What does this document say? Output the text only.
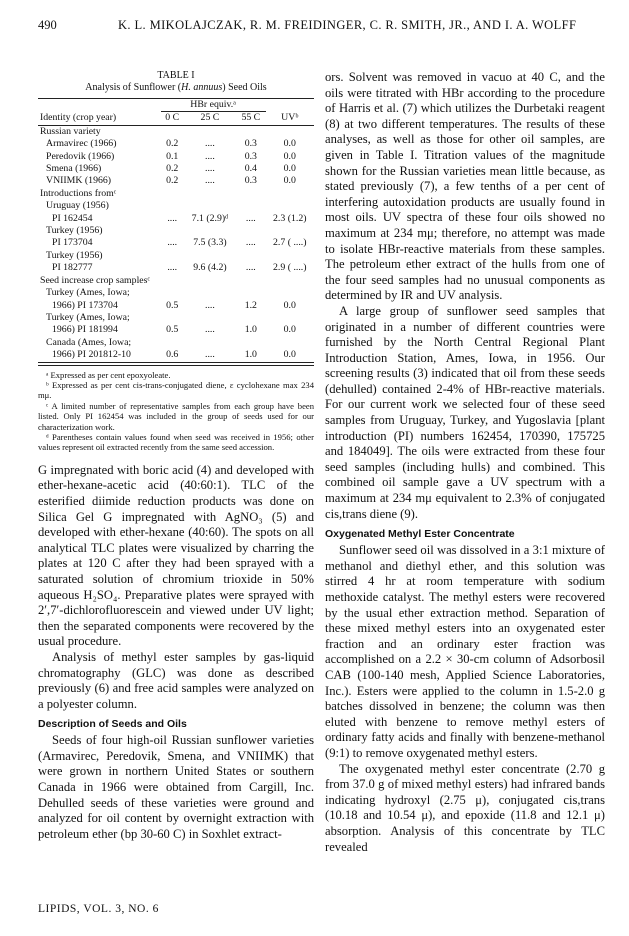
490	K. L. MIKOLAJCZAK, R. M. FREIDINGER, C. R. SMITH, JR., AND I. A. WOLFF
TABLE I
Analysis of Sunflower (H. annuus) Seed Oils
	HBr equiv.ᵃ			
Identity (crop year)	0 C	25 C	55 C	UVᵇ
Russian variety				
Armavirec (1966)	0.2	....	0.3	0.0
Peredovik (1966)	0.1	....	0.3	0.0
Smena (1966)	0.2	....	0.4	0.0
VNIIMK (1966)	0.2	....	0.3	0.0
Introductions fromᶜ				
Uruguay (1956)				
PI 162454	....	7.1 (2.9)ᵈ	....	2.3 (1.2)
Turkey (1956)				
PI 173704	....	7.5 (3.3)	....	2.7 ( ....)
Turkey (1956)				
PI 182777	....	9.6 (4.2)	....	2.9 ( ....)
Seed increase crop samplesᶜ				
Turkey (Ames, Iowa;				
1966) PI 173704	0.5	....	1.2	0.0
Turkey (Ames, Iowa;				
1966) PI 181994	0.5	....	1.0	0.0
Canada (Ames, Iowa;				
1966) PI 201812-10	0.6	....	1.0	0.0

ᵃ Expressed as per cent epoxyoleate.

ᵇ Expressed as per cent cis-trans-conjugated diene, ε cyclohexane max 234 mμ.

ᶜ A limited number of representative samples from each group have been listed. Only PI 162454 was included in the group of seeds used for our characterization work.

ᵈ Parentheses contain values found when seed was received in 1956; other values represent oil extracted recently from the same seed accession.

G impregnated with boric acid (4) and developed with ether-hexane-acetic acid (40:60:1). TLC of the esterified diimide reduction products was done on Silica Gel G impregnated with AgNO₃ (5) and developed with ether-hexane (40:60). The spots on all analytical TLC plates were visualized by charring the plates at 120 C after they had been sprayed with a saturated solution of chromium trioxide in 50% aqueous H₂SO₄. Preparative plates were sprayed with 2′,7′-dichlorofluorescein and viewed under UV light; then the separated components were recovered by the usual procedure.

Analysis of methyl ester samples by gas-liquid chromatography (GLC) was done as described previously (6) and free acid samples were analyzed on a polyester column.

Description of Seeds and Oils

Seeds of four high-oil Russian sunflower varieties (Armavirec, Peredovik, Smena, and VNIIMK) that were grown in northern United States or southern Canada in 1966 were obtained from Cargill, Inc. Dehulled seeds of these varieties were ground and analyzed for oil content by overnight extraction with petroleum ether (bp 30-60 C) in Soxhlet extract-

ors. Solvent was removed in vacuo at 40 C, and the oils were titrated with HBr according to the procedure of Harris et al. (7) which utilizes the Durbetaki reagent (8) at two different temperatures. The results of these analyses, as well as those for other oil samples, are given in Table I. Titration values of the magnitude shown for the Russian varieties mean little because, as stated previously (7), a few tenths of a per cent of interfering autoxidation products are usually found in most oils. UV spectra of these four oils showed no maximum at 234 mμ; therefore, no attempt was made to isolate HBr-reactive materials from these samples. The petroleum ether extract of the hulls from one of the four seed samples had no unusual components as determined by IR and UV analysis.

A large group of sunflower seed samples that originated in a number of different countries were furnished by the North Central Regional Plant Introduction Station, Ames, Iowa, in 1956. Our screening results (3) indicated that oil from these seeds (dehulled) contained 2-4% of HBr-reactive materials. For our current work we selected four of these seed samples from Uruguay, Turkey, and Yugoslavia [plant introduction (PI) numbers 162454, 170390, 175725 and 184049]. The oils were extracted from these four seed samples (including hulls) and combined. This combined oil sample gave a UV spectrum with a maximum at 234 mμ equivalent to 2.3% of conjugated cis,trans diene (9).

Oxygenated Methyl Ester Concentrate

Sunflower seed oil was dissolved in a 3:1 mixture of methanol and diethyl ether, and this solution was stirred 4 hr at room temperature with sodium methoxide catalyst. The methyl esters were recovered by the usual ether extraction method. Separation of these mixed methyl esters into an oxygenated ester fraction and an ordinary ester fraction was accomplished on a 2.2 × 30-cm column of Adsorbosil CAB (100-140 mesh, Applied Science Laboratories, Inc.). Esters were applied to the column in 1.5-2.0 g batches dissolved in benzene; the column was then eluted with benzene to remove methyl esters of ordinary fatty acids and finally with benzene-methanol (9:1) to remove oxygenated methyl esters.

The oxygenated methyl ester concentrate (2.70 g from 37.0 g of mixed methyl esters) had infrared bands indicating hydroxyl (2.75 μ), conjugated cis,trans (10.18 and 10.54 μ), and epoxide (11.8 and 12.1 μ) absorption. Analysis of this concentrate by TLC revealed

LIPIDS, VOL. 3, NO. 6
